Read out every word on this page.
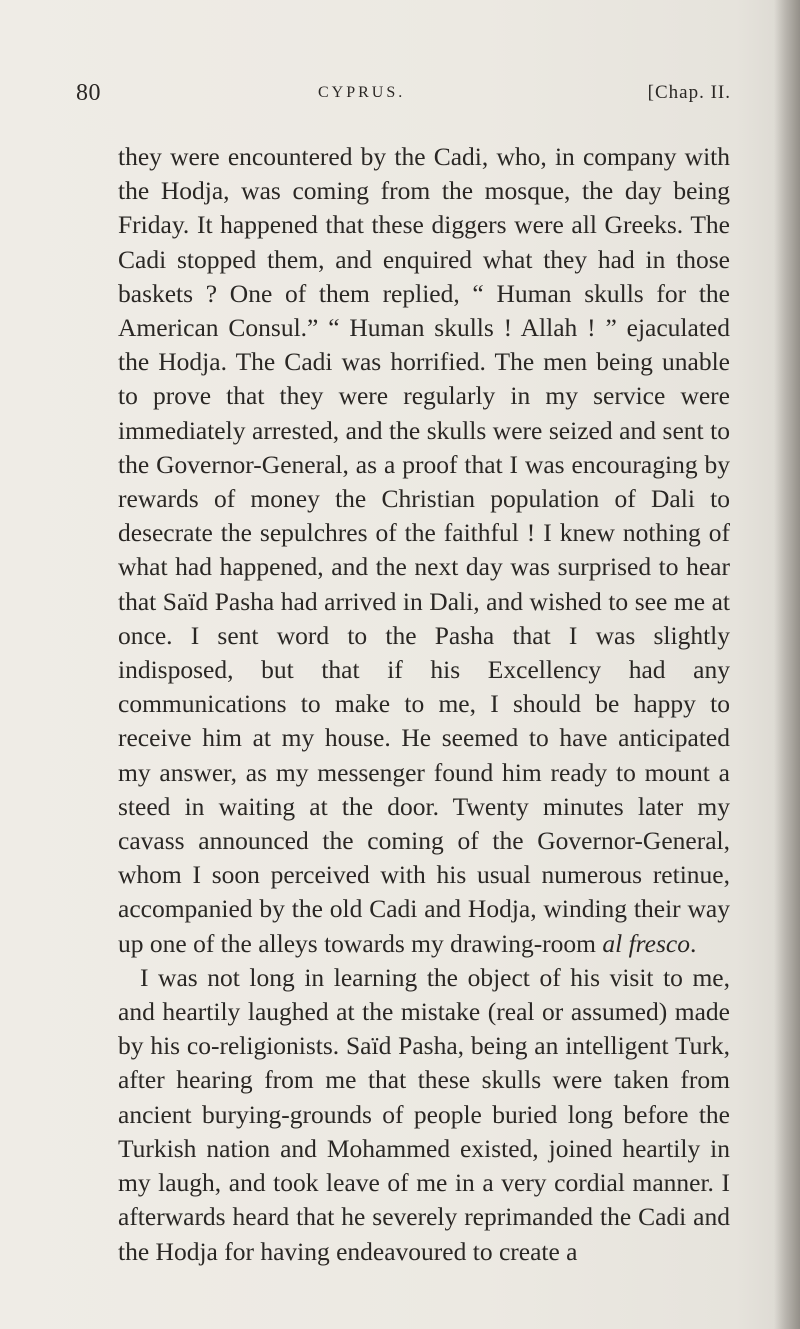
80	CYPRUS.	[Chap. II.

they were encountered by the Cadi, who, in company with the Hodja, was coming from the mosque, the day being Friday. It happened that these diggers were all Greeks. The Cadi stopped them, and enquired what they had in those baskets ? One of them replied, “ Human skulls for the American Consul.” “ Human skulls ! Allah ! ” ejaculated the Hodja. The Cadi was horrified. The men being unable to prove that they were regularly in my service were immediately arrested, and the skulls were seized and sent to the Governor-General, as a proof that I was encouraging by rewards of money the Christian population of Dali to desecrate the sepulchres of the faithful ! I knew nothing of what had happened, and the next day was surprised to hear that Saïd Pasha had arrived in Dali, and wished to see me at once. I sent word to the Pasha that I was slightly indisposed, but that if his Excellency had any communications to make to me, I should be happy to receive him at my house. He seemed to have anticipated my answer, as my messenger found him ready to mount a steed in waiting at the door. Twenty minutes later my cavass announced the coming of the Governor-General, whom I soon perceived with his usual numerous retinue, accompanied by the old Cadi and Hodja, winding their way up one of the alleys towards my drawing-room al fresco.

I was not long in learning the object of his visit to me, and heartily laughed at the mistake (real or assumed) made by his co-religionists. Saïd Pasha, being an intelligent Turk, after hearing from me that these skulls were taken from ancient burying-grounds of people buried long before the Turkish nation and Mohammed existed, joined heartily in my laugh, and took leave of me in a very cordial manner. I afterwards heard that he severely reprimanded the Cadi and the Hodja for having endeavoured to create a
